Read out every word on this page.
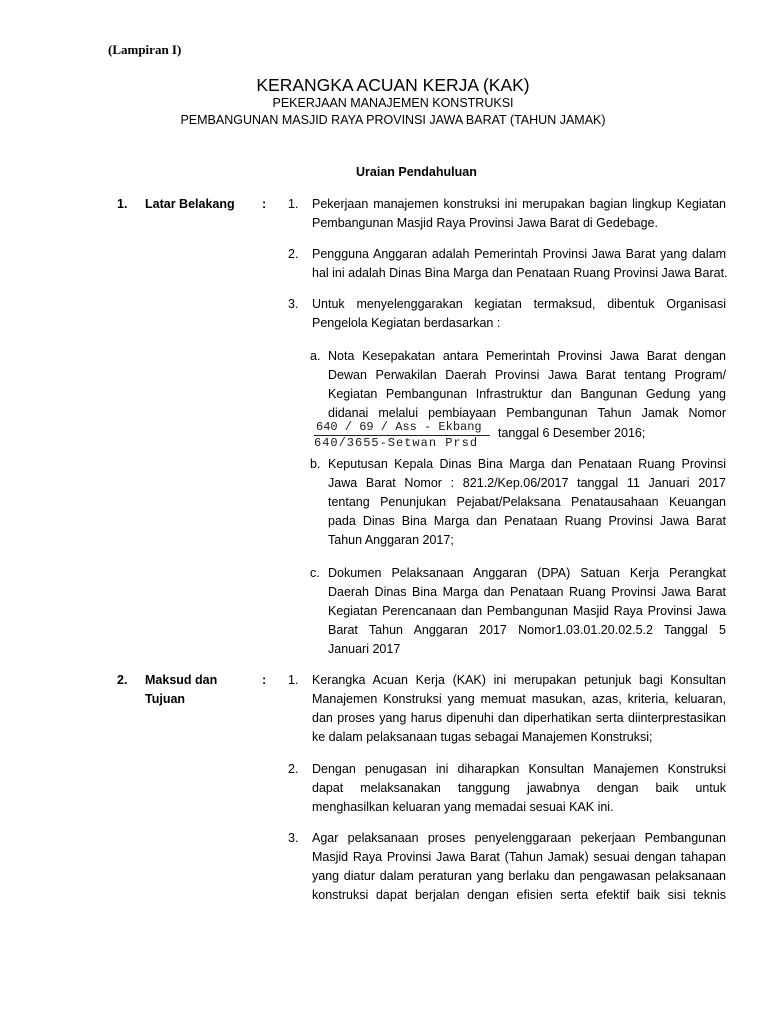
(Lampiran I)
KERANGKA ACUAN KERJA (KAK)
PEKERJAAN MANAJEMEN KONSTRUKSI
PEMBANGUNAN MASJID RAYA PROVINSI JAWA BARAT (TAHUN JAMAK)
Uraian Pendahuluan
1. Latar Belakang : 1. Pekerjaan manajemen konstruksi ini merupakan bagian lingkup Kegiatan
Pembangunan Masjid Raya Provinsi Jawa Barat di Gedebage.
2. Pengguna Anggaran adalah Pemerintah Provinsi Jawa Barat yang dalam
hal ini adalah Dinas Bina Marga dan Penataan Ruang Provinsi Jawa Barat.
3. Untuk menyelenggarakan kegiatan termaksud, dibentuk Organisasi
Pengelola Kegiatan berdasarkan :
a. Nota Kesepakatan antara Pemerintah Provinsi Jawa Barat dengan
Dewan Perwakilan Daerah Provinsi Jawa Barat tentang Program/
Kegiatan Pembangunan Infrastruktur dan Bangunan Gedung yang
didanai melalui pembiayaan Pembangunan Tahun Jamak Nomor
640 / 69 / Ass - Ekbang
640/3655-Setwan Prsd
tanggal 6 Desember 2016;
b. Keputusan Kepala Dinas Bina Marga dan Penataan Ruang Provinsi
Jawa Barat Nomor : 821.2/Kep.06/2017 tanggal 11 Januari 2017
tentang Penunjukan Pejabat/Pelaksana Penatausahaan Keuangan
pada Dinas Bina Marga dan Penataan Ruang Provinsi Jawa Barat
Tahun Anggaran 2017;
c. Dokumen Pelaksanaan Anggaran (DPA) Satuan Kerja Perangkat
Daerah Dinas Bina Marga dan Penataan Ruang Provinsi Jawa Barat
Kegiatan Perencanaan dan Pembangunan Masjid Raya Provinsi Jawa
Barat Tahun Anggaran 2017 Nomor1.03.01.20.02.5.2 Tanggal 5
Januari 2017
2. Maksud dan
Tujuan
: 1. Kerangka Acuan Kerja (KAK) ini merupakan petunjuk bagi Konsultan
Manajemen Konstruksi yang memuat masukan, azas, kriteria, keluaran,
dan proses yang harus dipenuhi dan diperhatikan serta diinterprestasikan
ke dalam pelaksanaan tugas sebagai Manajemen Konstruksi;
2. Dengan penugasan ini diharapkan Konsultan Manajemen Konstruksi
dapat melaksanakan tanggung jawabnya dengan baik untuk
menghasilkan keluaran yang memadai sesuai KAK ini.
3. Agar pelaksanaan proses penyelenggaraan pekerjaan Pembangunan
Masjid Raya Provinsi Jawa Barat (Tahun Jamak) sesuai dengan tahapan
yang diatur dalam peraturan yang berlaku dan pengawasan pelaksanaan
konstruksi dapat berjalan dengan efisien serta efektif baik sisi teknis
